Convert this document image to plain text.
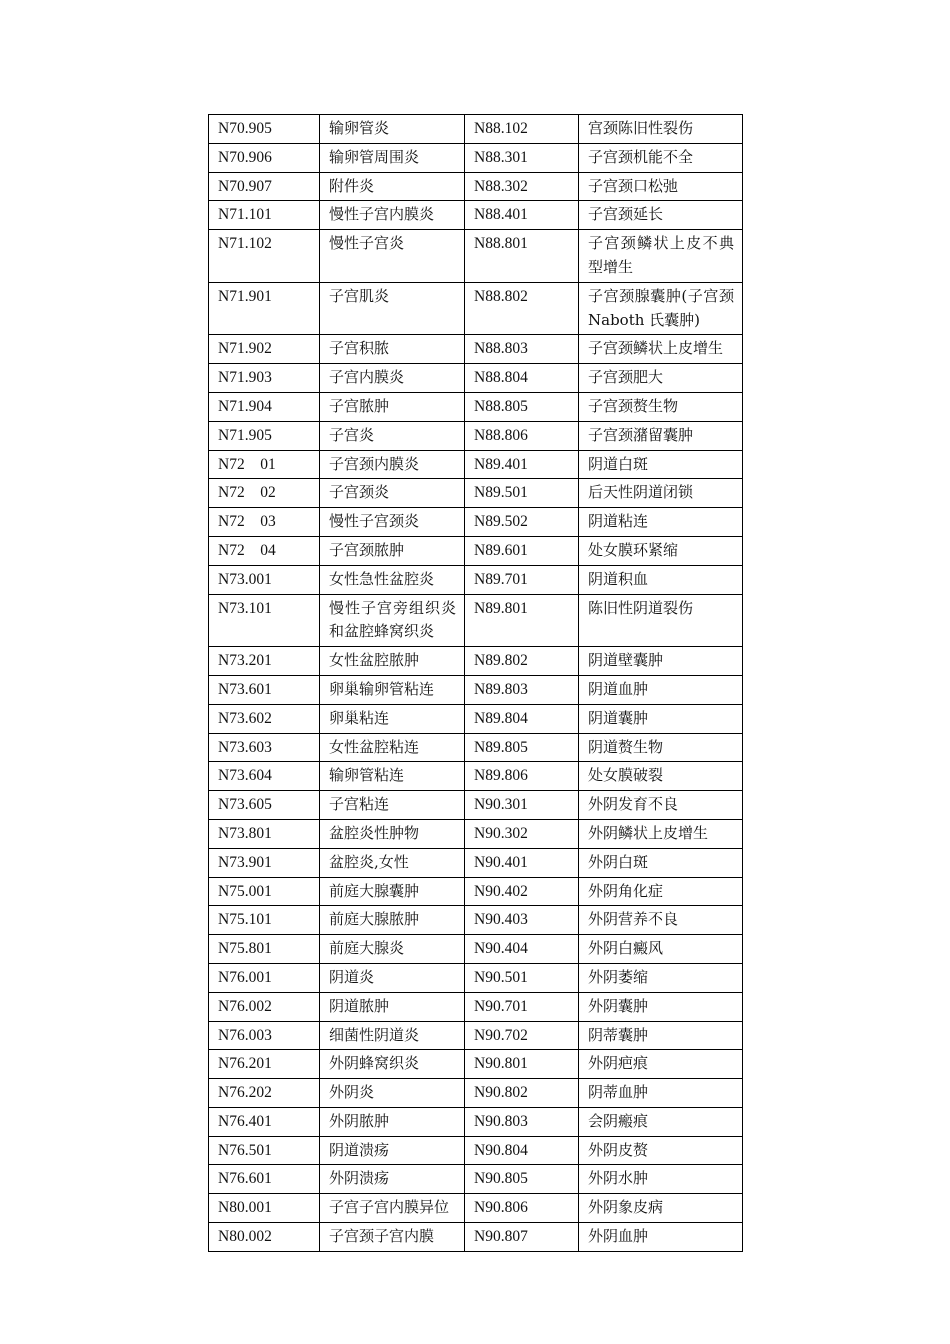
N70.905	输卵管炎	N88.102	宫颈陈旧性裂伤
N70.906	输卵管周围炎	N88.301	子宫颈机能不全
N70.907	附件炎	N88.302	子宫颈口松弛
N71.101	慢性子宫内膜炎	N88.401	子宫颈延长
N71.102	慢性子宫炎	N88.801	子宫颈鳞状上皮不典型增生
N71.901	子宫肌炎	N88.802	子宫颈腺囊肿(子宫颈 Naboth 氏囊肿)
N71.902	子宫积脓	N88.803	子宫颈鳞状上皮增生
N71.903	子宫内膜炎	N88.804	子宫颈肥大
N71.904	子宫脓肿	N88.805	子宫颈赘生物
N71.905	子宫炎	N88.806	子宫颈潴留囊肿
N72　01	子宫颈内膜炎	N89.401	阴道白斑
N72　02	子宫颈炎	N89.501	后天性阴道闭锁
N72　03	慢性子宫颈炎	N89.502	阴道粘连
N72　04	子宫颈脓肿	N89.601	处女膜环紧缩
N73.001	女性急性盆腔炎	N89.701	阴道积血
N73.101	慢性子宫旁组织炎和盆腔蜂窝织炎	N89.801	陈旧性阴道裂伤
N73.201	女性盆腔脓肿	N89.802	阴道壁囊肿
N73.601	卵巢输卵管粘连	N89.803	阴道血肿
N73.602	卵巢粘连	N89.804	阴道囊肿
N73.603	女性盆腔粘连	N89.805	阴道赘生物
N73.604	输卵管粘连	N89.806	处女膜破裂
N73.605	子宫粘连	N90.301	外阴发育不良
N73.801	盆腔炎性肿物	N90.302	外阴鳞状上皮增生
N73.901	盆腔炎,女性	N90.401	外阴白斑
N75.001	前庭大腺囊肿	N90.402	外阴角化症
N75.101	前庭大腺脓肿	N90.403	外阴营养不良
N75.801	前庭大腺炎	N90.404	外阴白癜风
N76.001	阴道炎	N90.501	外阴萎缩
N76.002	阴道脓肿	N90.701	外阴囊肿
N76.003	细菌性阴道炎	N90.702	阴蒂囊肿
N76.201	外阴蜂窝织炎	N90.801	外阴疤痕
N76.202	外阴炎	N90.802	阴蒂血肿
N76.401	外阴脓肿	N90.803	会阴瘢痕
N76.501	阴道溃疡	N90.804	外阴皮赘
N76.601	外阴溃疡	N90.805	外阴水肿
N80.001	子宫子宫内膜异位	N90.806	外阴象皮病
N80.002	子宫颈子宫内膜	N90.807	外阴血肿
